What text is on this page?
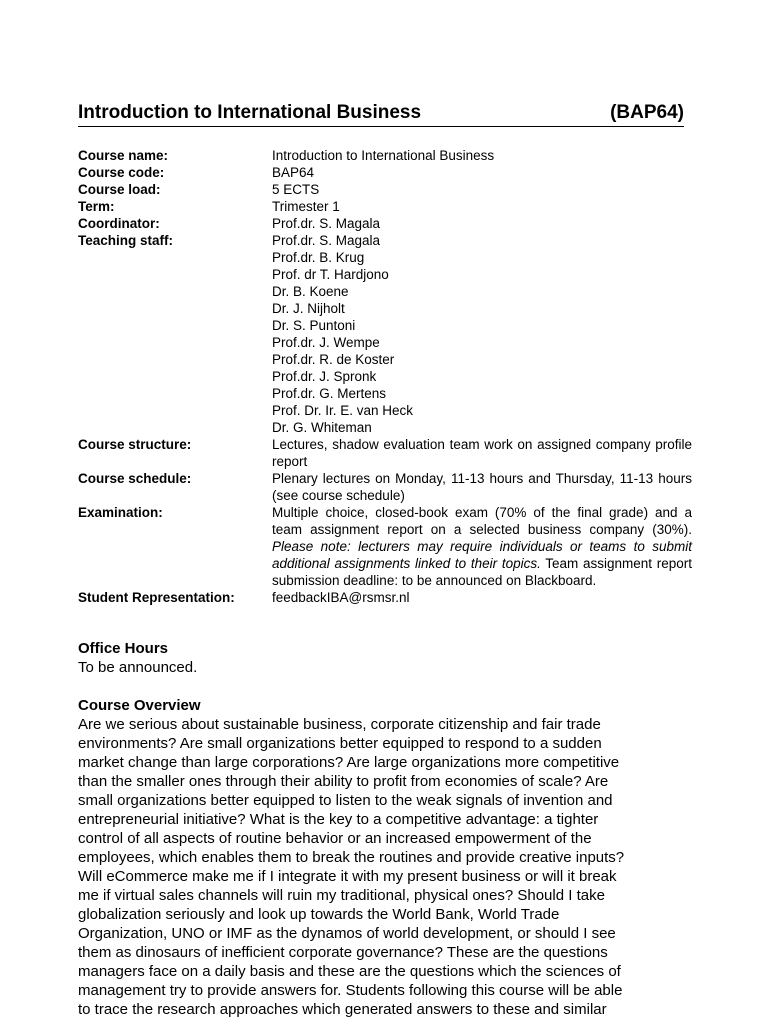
Introduction to International Business	(BAP64)
Course name:	Introduction to International Business
Course code:	BAP64
Course load:	5 ECTS
Term:	Trimester 1
Coordinator:	Prof.dr. S. Magala
Teaching staff:	Prof.dr. S. Magala
Prof.dr. B. Krug
Prof. dr T. Hardjono
Dr. B. Koene
Dr. J. Nijholt
Dr. S. Puntoni
Prof.dr. J. Wempe
Prof.dr. R. de Koster
Prof.dr. J. Spronk
Prof.dr. G. Mertens
Prof. Dr. Ir. E. van Heck
Dr. G. Whiteman
Course structure:	Lectures, shadow evaluation team work on assigned company profile report
Course schedule:	Plenary lectures on Monday, 11-13 hours and Thursday, 11-13 hours (see course schedule)
Examination:	Multiple choice, closed-book exam (70% of the final grade) and a team assignment report on a selected business company (30%). Please note: lecturers may require individuals or teams to submit additional assignments linked to their topics. Team assignment report submission deadline: to be announced on Blackboard.
Student Representation:	feedbackIBA@rsmsr.nl
Office Hours
To be announced.
Course Overview
Are we serious about sustainable business, corporate citizenship and fair trade
environments? Are small organizations better equipped to respond to a sudden
market change than large corporations? Are large organizations more competitive
than the smaller ones through their ability to profit from economies of scale? Are
small organizations better equipped to listen to the weak signals of invention and
entrepreneurial initiative? What is the key to a competitive advantage: a tighter
control of all aspects of routine behavior or an increased empowerment of the
employees, which enables them to break the routines and provide creative inputs?
Will eCommerce make me if I integrate it with my present business or will it break
me if virtual sales channels will ruin my traditional, physical ones? Should I take
globalization seriously and look up towards the World Bank, World Trade
Organization, UNO or IMF as the dynamos of world development, or should I see
them as dinosaurs of inefficient corporate governance? These are the questions
managers face on a daily basis and these are the questions which the sciences of
management try to provide answers for. Students following this course will be able
to trace the research approaches which generated answers to these and similar
